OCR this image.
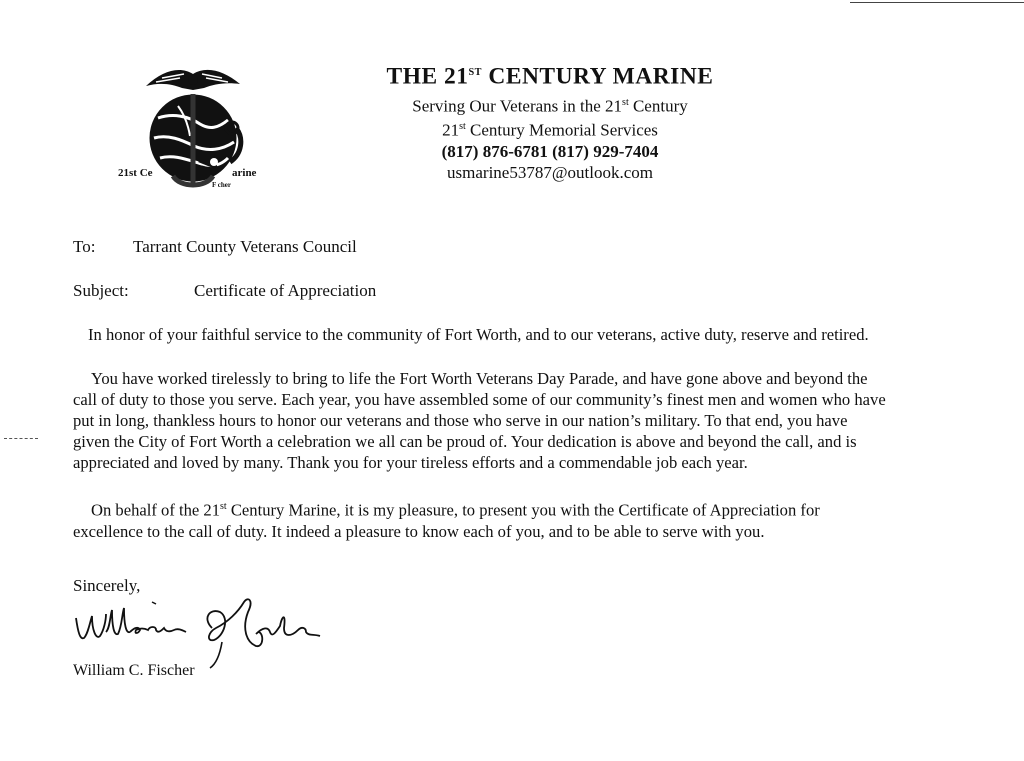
21st Ce	arine
F cher
THE 21ST CENTURY MARINE
Serving Our Veterans in the 21st Century
21st Century Memorial Services
(817) 876-6781 (817) 929-7404
usmarine53787@outlook.com
To: Tarrant County Veterans Council
Subject:	Certificate of Appreciation
In honor of your faithful service to the community of Fort Worth, and to our veterans, active duty, reserve and retired.
You have worked tirelessly to bring to life the Fort Worth Veterans Day Parade, and have gone above and beyond the
call of duty to those you serve. Each year, you have assembled some of our community’s finest men and women who have
put in long, thankless hours to honor our veterans and those who serve in our nation’s military. To that end, you have
given the City of Fort Worth a celebration we all can be proud of. Your dedication is above and beyond the call, and is
appreciated and loved by many. Thank you for your tireless efforts and a commendable job each year.
On behalf of the 21st Century Marine, it is my pleasure, to present you with the Certificate of Appreciation for
excellence to the call of duty. It indeed a pleasure to know each of you, and to be able to serve with you.
Sincerely,
William C. Fischer
